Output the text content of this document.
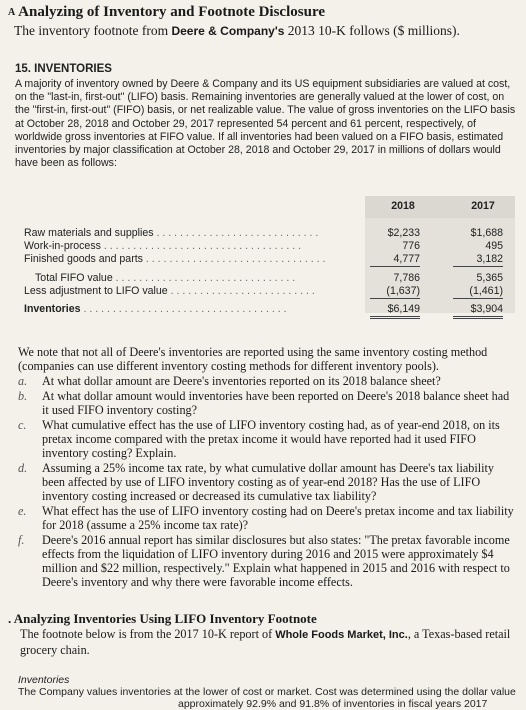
$^A$ Analyzing of Inventory and Footnote Disclosure
The inventory footnote from Deere & Company's 2013 10-K follows ($ millions).
15. INVENTORIES
A majority of inventory owned by Deere & Company and its US equipment subsidiaries are valued at cost, on the "last-in, first-out" (LIFO) basis. Remaining inventories are generally valued at the lower of cost, on the "first-in, first-out" (FIFO) basis, or net realizable value. The value of gross inventories on the LIFO basis at October 28, 2018 and October 29, 2017 represented 54 percent and 61 percent, respectively, of worldwide gross inventories at FIFO value. If all inventories had been valued on a FIFO basis, estimated inventories by major classification at October 28, 2018 and October 29, 2017 in millions of dollars would have been as follows:
2018	2017
Raw materials and supplies . . . . . . . . . . . . . . . . . . . . . . . . . . . .	$2,233	$1,688
Work-in-process . . . . . . . . . . . . . . . . . . . . . . . . . . . . . . . . . .	776	495
Finished goods and parts . . . . . . . . . . . . . . . . . . . . . . . . . . . . . . .	4,777	3,182
Total FIFO value . . . . . . . . . . . . . . . . . . . . . . . . . . . . . . .	7,786	5,365
Less adjustment to LIFO value . . . . . . . . . . . . . . . . . . . . . . . . .	(1,637)	(1,461)
Inventories . . . . . . . . . . . . . . . . . . . . . . . . . . . . . . . . . . .	$6,149	$3,904
We note that not all of Deere's inventories are reported using the same inventory costing method (companies can use different inventory costing methods for different inventory pools).
a. At what dollar amount are Deere's inventories reported on its 2018 balance sheet?
b. At what dollar amount would inventories have been reported on Deere's 2018 balance sheet had it used FIFO inventory costing?
c. What cumulative effect has the use of LIFO inventory costing had, as of year-end 2018, on its pretax income compared with the pretax income it would have reported had it used FIFO inventory costing? Explain.
d. Assuming a 25% income tax rate, by what cumulative dollar amount has Deere's tax liability been affected by use of LIFO inventory costing as of year-end 2018? Has the use of LIFO inventory costing increased or decreased its cumulative tax liability?
e. What effect has the use of LIFO inventory costing had on Deere's pretax income and tax liability for 2018 (assume a 25% income tax rate)?
f. Deere's 2016 annual report has similar disclosures but also states: "The pretax favorable income effects from the liquidation of LIFO inventory during 2016 and 2015 were approximately $4 million and $22 million, respectively." Explain what happened in 2015 and 2016 with respect to Deere's inventory and why there were favorable income effects.
. Analyzing Inventories Using LIFO Inventory Footnote
The footnote below is from the 2017 10-K report of Whole Foods Market, Inc., a Texas-based retail grocery chain.
Inventories
The Company values inventories at the lower of cost or market. Cost was determined using the dollar value
approximately 92.9% and 91.8% of inventories in fiscal years 2017
